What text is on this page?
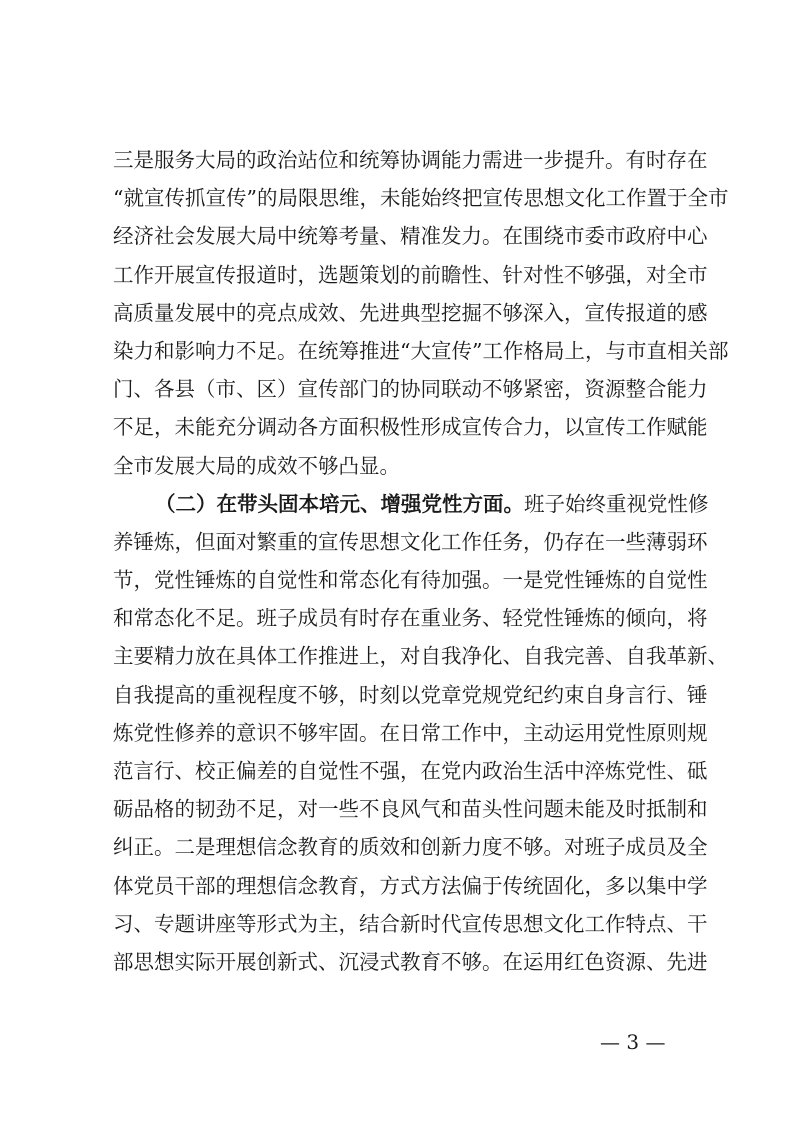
三是服务大局的政治站位和统筹协调能力需进一步提升。有时存在
“就宣传抓宣传”的局限思维，未能始终把宣传思想文化工作置于全市
经济社会发展大局中统筹考量、精准发力。在围绕市委市政府中心
工作开展宣传报道时，选题策划的前瞻性、针对性不够强，对全市
高质量发展中的亮点成效、先进典型挖掘不够深入，宣传报道的感
染力和影响力不足。在统筹推进“大宣传”工作格局上，与市直相关部
门、各县（市、区）宣传部门的协同联动不够紧密，资源整合能力
不足，未能充分调动各方面积极性形成宣传合力，以宣传工作赋能
全市发展大局的成效不够凸显。
（二）在带头固本培元、增强党性方面。班子始终重视党性修
养锤炼，但面对繁重的宣传思想文化工作任务，仍存在一些薄弱环
节，党性锤炼的自觉性和常态化有待加强。一是党性锤炼的自觉性
和常态化不足。班子成员有时存在重业务、轻党性锤炼的倾向，将
主要精力放在具体工作推进上，对自我净化、自我完善、自我革新、
自我提高的重视程度不够，时刻以党章党规党纪约束自身言行、锤
炼党性修养的意识不够牢固。在日常工作中，主动运用党性原则规
范言行、校正偏差的自觉性不强，在党内政治生活中淬炼党性、砥
砺品格的韧劲不足，对一些不良风气和苗头性问题未能及时抵制和
纠正。二是理想信念教育的质效和创新力度不够。对班子成员及全
体党员干部的理想信念教育，方式方法偏于传统固化，多以集中学
习、专题讲座等形式为主，结合新时代宣传思想文化工作特点、干
部思想实际开展创新式、沉浸式教育不够。在运用红色资源、先进
— 3 —
